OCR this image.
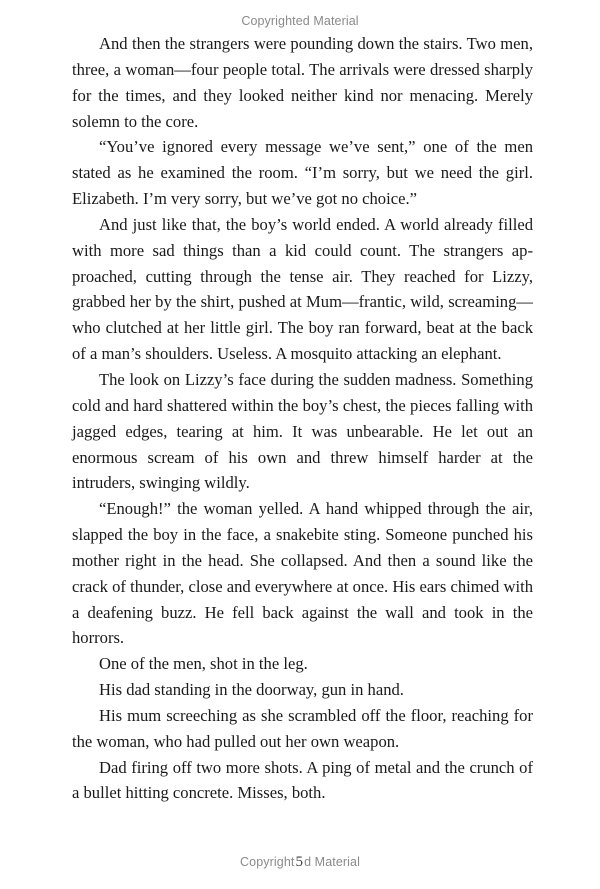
Copyrighted Material

And then the strangers were pounding down the stairs. Two men, three, a woman—four people total. The arrivals were dressed sharply for the times, and they looked neither kind nor menacing. Merely solemn to the core.

“You’ve ignored every message we’ve sent,” one of the men stated as he examined the room. “I’m sorry, but we need the girl. Elizabeth. I’m very sorry, but we’ve got no choice.”

And just like that, the boy’s world ended. A world already filled with more sad things than a kid could count. The strangers approached, cutting through the tense air. They reached for Lizzy, grabbed her by the shirt, pushed at Mum—frantic, wild, screaming— who clutched at her little girl. The boy ran forward, beat at the back of a man’s shoulders. Useless. A mosquito attacking an elephant.

The look on Lizzy’s face during the sudden madness. Something cold and hard shattered within the boy’s chest, the pieces falling with jagged edges, tearing at him. It was unbearable. He let out an enormous scream of his own and threw himself harder at the intruders, swinging wildly.

“Enough!” the woman yelled. A hand whipped through the air, slapped the boy in the face, a snakebite sting. Someone punched his mother right in the head. She collapsed. And then a sound like the crack of thunder, close and everywhere at once. His ears chimed with a deafening buzz. He fell back against the wall and took in the horrors.

One of the men, shot in the leg.

His dad standing in the doorway, gun in hand.

His mum screeching as she scrambled off the floor, reaching for the woman, who had pulled out her own weapon.

Dad firing off two more shots. A ping of metal and the crunch of a bullet hitting concrete. Misses, both.

Copyright5d Material
